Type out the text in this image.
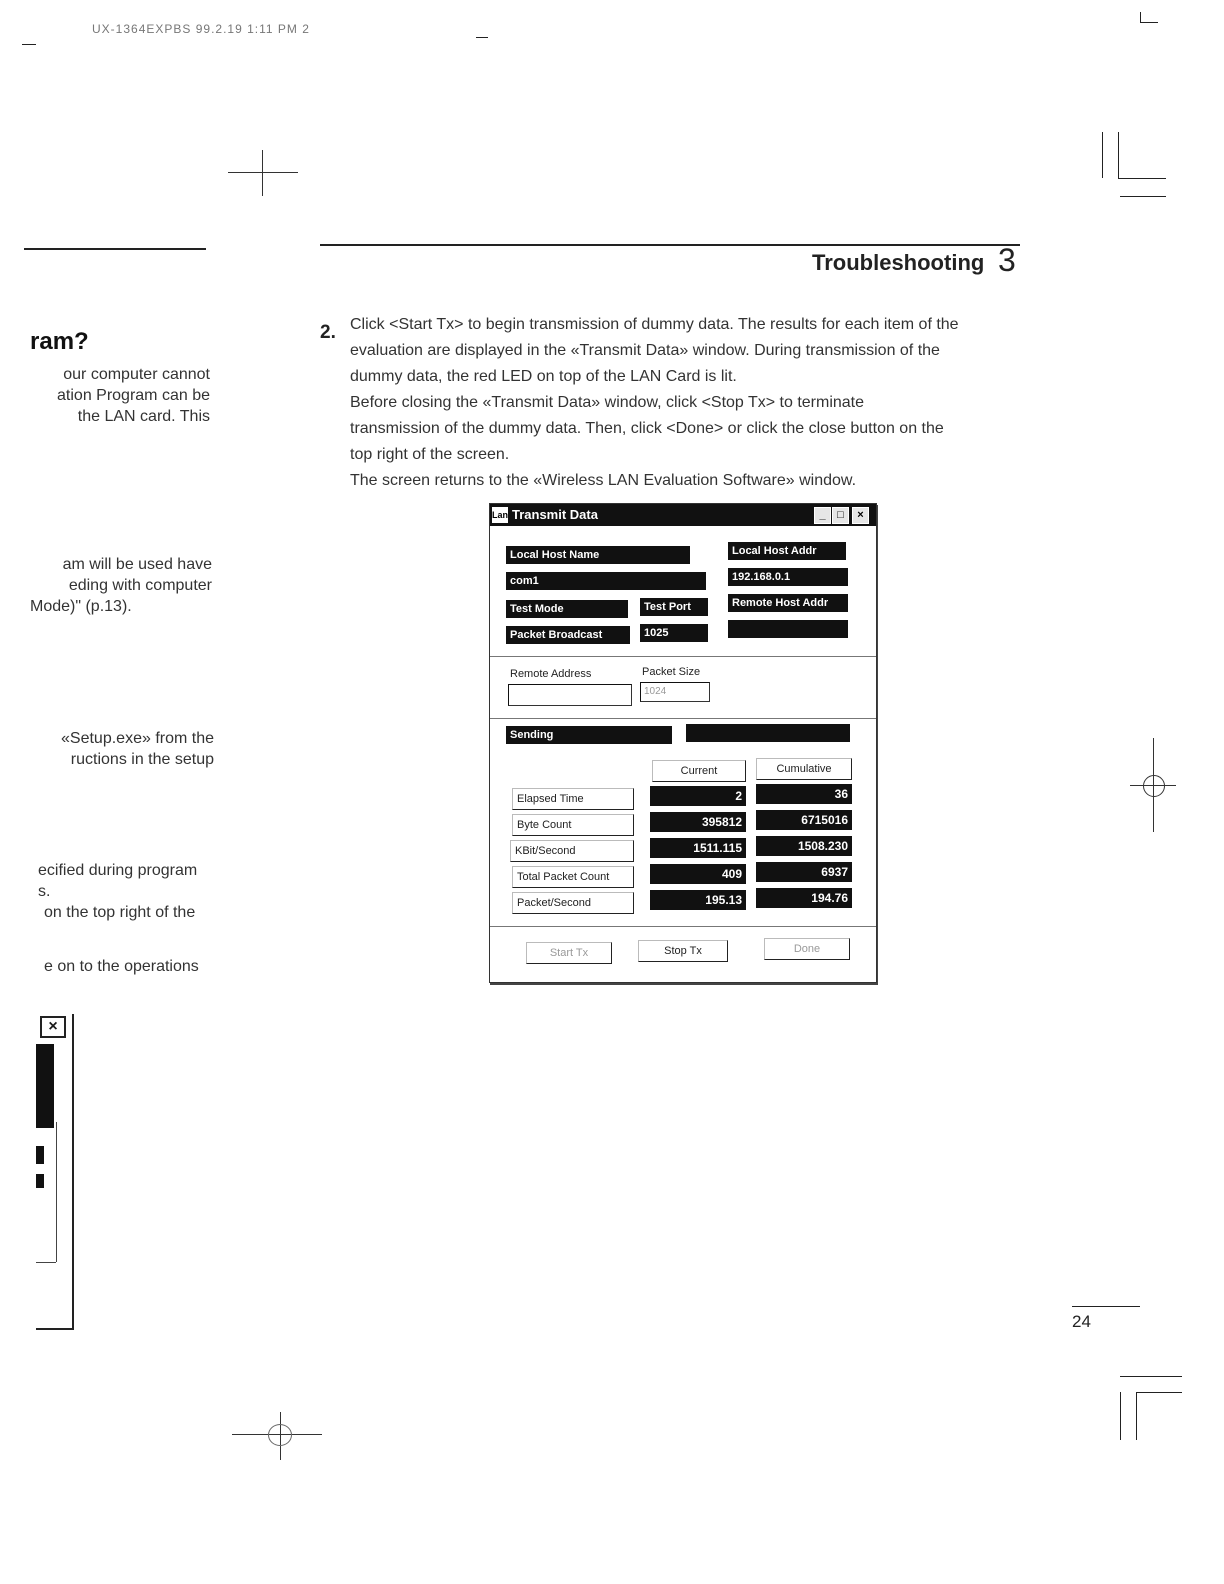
UX-1364EXPBS 99.2.19 1:11 PM 2
Troubleshooting 3
ram?
our computer cannot
ation Program can be
the LAN card. This
am will be used have
eding with computer
Mode)" (p.13).
«Setup.exe» from the
ructions in the setup
ecified during program
s.
on the top right of the
e on to the operations
×
2. Click <Start Tx> to begin transmission of dummy data. The results for each item of the
evaluation are displayed in the «Transmit Data» window. During transmission of the
dummy data, the red LED on top of the LAN Card is lit.
Before closing the «Transmit Data» window, click <Stop Tx> to terminate
transmission of the dummy data. Then, click <Done> or click the close button on the
top right of the screen.
The screen returns to the «Wireless LAN Evaluation Software» window.
Lan Transmit Data	_	□	×
Local Host Name	Local Host Addr
com1	192.168.0.1
Test Mode	Test Port	Remote Host Addr
Packet Broadcast	1025
Remote Address	Packet Size
1024
Sending
Current	Cumulative
Elapsed Time	2	36
Byte Count	395812	6715016
KBit/Second	1511.115	1508.230
Total Packet Count	409	6937
Packet/Second	195.13	194.76
Start Tx	Stop Tx	Done
24
